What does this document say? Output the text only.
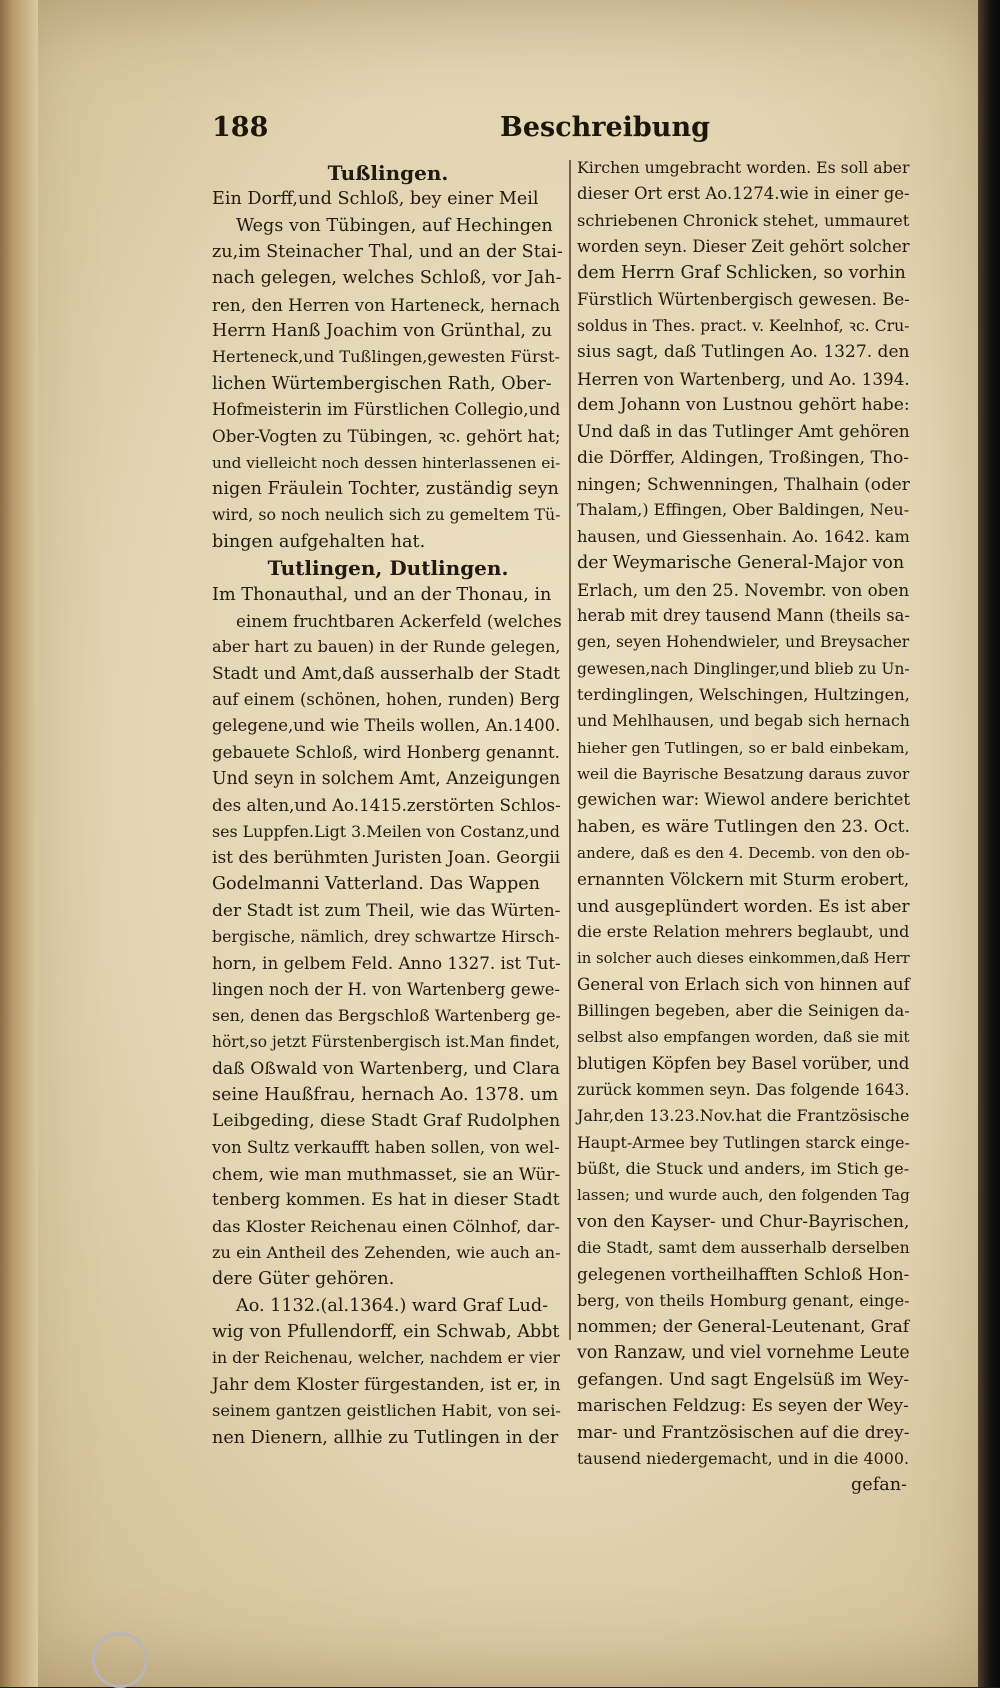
188	Beschreibung
Tußlingen.
Ein Dorff,und Schloß, bey einer Meil
Wegs von Tübingen, auf Hechingen
zu,im Steinacher Thal, und an der Stai-
nach gelegen, welches Schloß, vor Jah-
ren, den Herren von Harteneck, hernach
Herrn Hanß Joachim von Grünthal, zu
Herteneck,und Tußlingen,gewesten Fürst-
lichen Würtembergischen Rath, Ober-
Hofmeisterin im Fürstlichen Collegio,und
Ober-Vogten zu Tübingen, ꝛc. gehört hat;
und vielleicht noch dessen hinterlassenen ei-
nigen Fräulein Tochter, zuständig seyn
wird, so noch neulich sich zu gemeltem Tü-
bingen aufgehalten hat.
Tutlingen, Dutlingen.
Im Thonauthal, und an der Thonau, in
einem fruchtbaren Ackerfeld (welches
aber hart zu bauen) in der Runde gelegen,
Stadt und Amt,daß ausserhalb der Stadt
auf einem (schönen, hohen, runden) Berg
gelegene,und wie Theils wollen, An.1400.
gebauete Schloß, wird Honberg genannt.
Und seyn in solchem Amt, Anzeigungen
des alten,und Ao.1415.zerstörten Schlos-
ses Luppfen.Ligt 3.Meilen von Costanz,und
ist des berühmten Juristen Joan. Georgii
Godelmanni Vatterland. Das Wappen
der Stadt ist zum Theil, wie das Würten-
bergische, nämlich, drey schwartze Hirsch-
horn, in gelbem Feld. Anno 1327. ist Tut-
lingen noch der H. von Wartenberg gewe-
sen, denen das Bergschloß Wartenberg ge-
hört,so jetzt Fürstenbergisch ist.Man findet,
daß Oßwald von Wartenberg, und Clara
seine Haußfrau, hernach Ao. 1378. um
Leibgeding, diese Stadt Graf Rudolphen
von Sultz verkaufft haben sollen, von wel-
chem, wie man muthmasset, sie an Wür-
tenberg kommen. Es hat in dieser Stadt
das Kloster Reichenau einen Cölnhof, dar-
zu ein Antheil des Zehenden, wie auch an-
dere Güter gehören.
Ao. 1132.(al.1364.) ward Graf Lud-
wig von Pfullendorff, ein Schwab, Abbt
in der Reichenau, welcher, nachdem er vier
Jahr dem Kloster fürgestanden, ist er, in
seinem gantzen geistlichen Habit, von sei-
nen Dienern, allhie zu Tutlingen in der
Kirchen umgebracht worden. Es soll aber
dieser Ort erst Ao.1274.wie in einer ge-
schriebenen Chronick stehet, ummauret
worden seyn. Dieser Zeit gehört solcher
dem Herrn Graf Schlicken, so vorhin
Fürstlich Würtenbergisch gewesen. Be-
soldus in Thes. pract. v. Keelnhof, ꝛc. Cru-
sius sagt, daß Tutlingen Ao. 1327. den
Herren von Wartenberg, und Ao. 1394.
dem Johann von Lustnou gehört habe:
Und daß in das Tutlinger Amt gehören
die Dörffer, Aldingen, Troßingen, Tho-
ningen; Schwenningen, Thalhain (oder
Thalam,) Effingen, Ober Baldingen, Neu-
hausen, und Giessenhain. Ao. 1642. kam
der Weymarische General-Major von
Erlach, um den 25. Novembr. von oben
herab mit drey tausend Mann (theils sa-
gen, seyen Hohendwieler, und Breysacher
gewesen,nach Dinglinger,und blieb zu Un-
terdinglingen, Welschingen, Hultzingen,
und Mehlhausen, und begab sich hernach
hieher gen Tutlingen, so er bald einbekam,
weil die Bayrische Besatzung daraus zuvor
gewichen war: Wiewol andere berichtet
haben, es wäre Tutlingen den 23. Oct.
andere, daß es den 4. Decemb. von den ob-
ernannten Völckern mit Sturm erobert,
und ausgeplündert worden. Es ist aber
die erste Relation mehrers beglaubt, und
in solcher auch dieses einkommen,daß Herr
General von Erlach sich von hinnen auf
Billingen begeben, aber die Seinigen da-
selbst also empfangen worden, daß sie mit
blutigen Köpfen bey Basel vorüber, und
zurück kommen seyn. Das folgende 1643.
Jahr,den 13.23.Nov.hat die Frantzösische
Haupt-Armee bey Tutlingen starck einge-
büßt, die Stuck und anders, im Stich ge-
lassen; und wurde auch, den folgenden Tag
von den Kayser- und Chur-Bayrischen,
die Stadt, samt dem ausserhalb derselben
gelegenen vortheilhafften Schloß Hon-
berg, von theils Homburg genant, einge-
nommen; der General-Leutenant, Graf
von Ranzaw, und viel vornehme Leute
gefangen. Und sagt Engelsüß im Wey-
marischen Feldzug: Es seyen der Wey-
mar- und Frantzösischen auf die drey-
tausend niedergemacht, und in die 4000.
gefan-
